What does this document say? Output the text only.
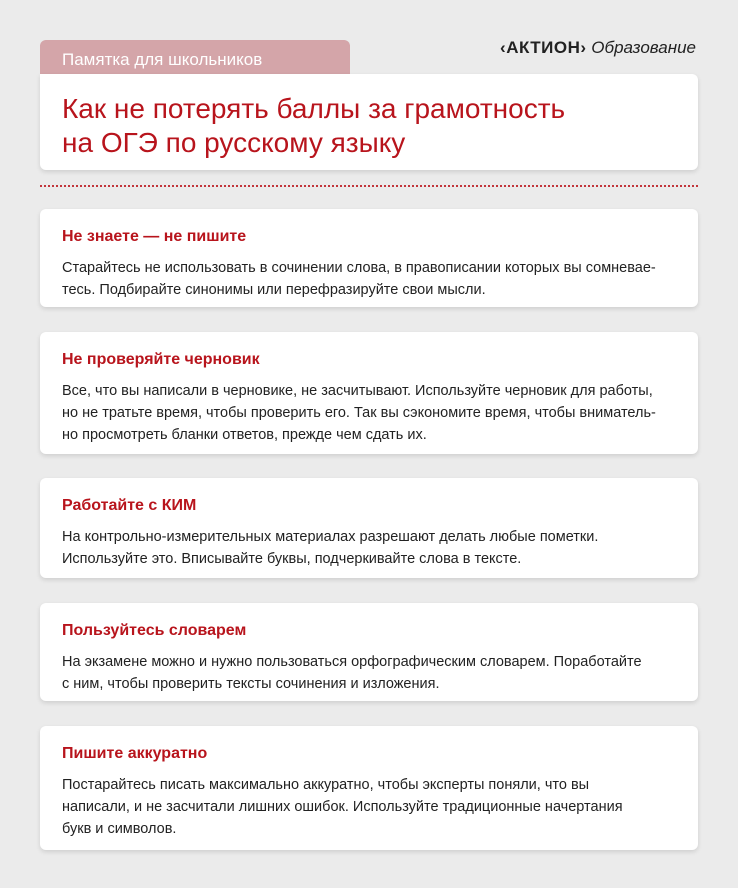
Памятка для школьников
‹АКТИОН› Образование
Как не потерять баллы за грамотность
на ОГЭ по русскому языку
Не знаете — не пишите

Старайтесь не использовать в сочинении слова, в правописании которых вы сомневае-
тесь. Подбирайте синонимы или перефразируйте свои мысли.

Не проверяйте черновик

Все, что вы написали в черновике, не засчитывают. Используйте черновик для работы,
но не тратьте время, чтобы проверить его. Так вы сэкономите время, чтобы вниматель-
но просмотреть бланки ответов, прежде чем сдать их.

Работайте с КИМ

На контрольно-измерительных материалах разрешают делать любые пометки.
Используйте это. Вписывайте буквы, подчеркивайте слова в тексте.

Пользуйтесь словарем

На экзамене можно и нужно пользоваться орфографическим словарем. Поработайте
с ним, чтобы проверить тексты сочинения и изложения.

Пишите аккуратно

Постарайтесь писать максимально аккуратно, чтобы эксперты поняли, что вы
написали, и не засчитали лишних ошибок. Используйте традиционные начертания
букв и символов.
